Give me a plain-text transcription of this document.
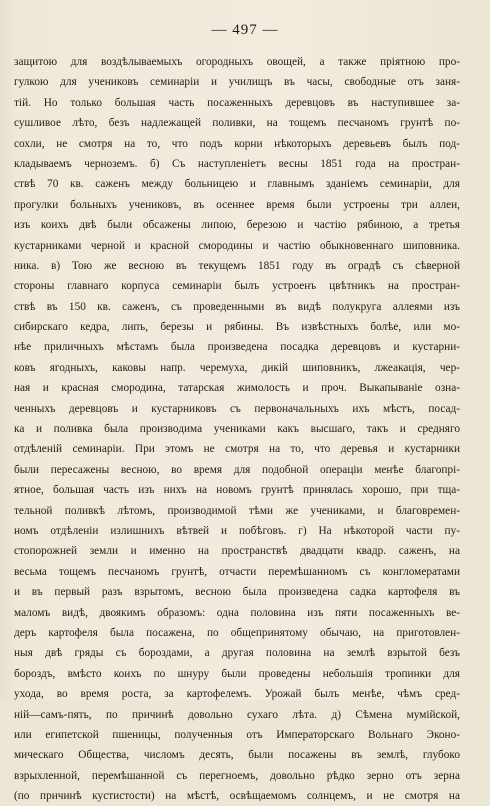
— 497 —
защитою для воздѣлываемыхъ огородныхъ овощей, а также пріятною про-
гулкою для учениковъ семинаріи и училищъ въ часы, свободные отъ заня-
тій. Но только большая часть посаженныхъ деревцовъ въ наступившее за-
сушливое лѣто, безъ надлежащей поливки, на тощемъ песчаномъ грунтѣ по-
сохли, не смотря на то, что подъ корни нѣкоторыхъ деревьевъ былъ под-
кладываемъ черноземъ. б) Съ наступленіетъ весны 1851 года на простран-
ствѣ 70 кв. саженъ между больницею и главнымъ зданіемъ семинаріи, для
прогулки больныхъ учениковъ, въ осеннее время были устроены три аллеи,
изъ коихъ двѣ были обсажены липою, березою и частію рябиною, а третья
кустарниками черной и красной смородины и частію обыкновеннаго шиповника.
ника. в) Тою же весною въ текущемъ 1851 году въ оградѣ съ сѣверной
стороны главнаго корпуса семинаріи былъ устроенъ цвѣтникъ на простран-
ствѣ въ 150 кв. саженъ, съ проведенными въ видѣ полукруга аллеями изъ
сибирскаго кедра, липъ, березы и рябины. Въ извѣстныхъ болѣе, или мо-
нѣе приличныхъ мѣстамъ была произведена посадка деревцовъ и кустарни-
ковъ ягодныхъ, каковы напр. черемуха, дикій шиповникъ, лжеакація, чер-
ная и красная смородина, татарская жимолость и проч. Выкапываніе озна-
ченныхъ деревцовъ и кустарниковъ съ первоначальныхъ ихъ мѣстъ, посад-
ка и поливка была производима учениками какъ высшаго, такъ и средняго
отдѣленій семинаріи. При этомъ не смотря на то, что деревья и кустарники
были пересажены весною, во время для подобной операціи менѣе благопрі-
ятное, большая часть изъ нихъ на новомъ грунтѣ принялась хорошо, при тща-
тельной поливкѣ лѣтомъ, производимой тѣми же учениками, и благовремен-
номъ отдѣленіи излишнихъ вѣтвей и побѣговъ. г) На нѣкоторой части пу-
стопорожней земли и именно на пространствѣ двадцати квадр. саженъ, на
весьма тощемъ песчаномъ грунтѣ, отчасти перемѣшанномъ съ конгломератами
и въ первый разъ взрытомъ, весною была произведена садка картофеля въ
маломъ видѣ, двоякимъ образомъ: одна половина изъ пяти посаженныхъ ве-
деръ картофеля была посажена, по общепринятому обычаю, на приготовлен-
ныя двѣ гряды съ бороздами, а другая половина на землѣ взрытой безъ
бороздъ, вмѣсто коихъ по шнуру были проведены небольшія тропинки для
ухода, во время роста, за картофелемъ. Урожай былъ менѣе, чѣмъ сред-
ній—самъ-пять, по причинѣ довольно сухаго лѣта. д) Сѣмена мумійской,
или египетской пшеницы, полученныя отъ Императорскаго Вольнаго Эконо-
мическаго Общества, числомъ десять, были посажены въ землѣ, глубоко
взрыхленной, перемѣшанной съ перегноемъ, довольно рѣдко зерно отъ зерна
(по причинѣ кустистости) на мѣстѣ, освѣщаемомъ солнцемъ, и не смотря на
